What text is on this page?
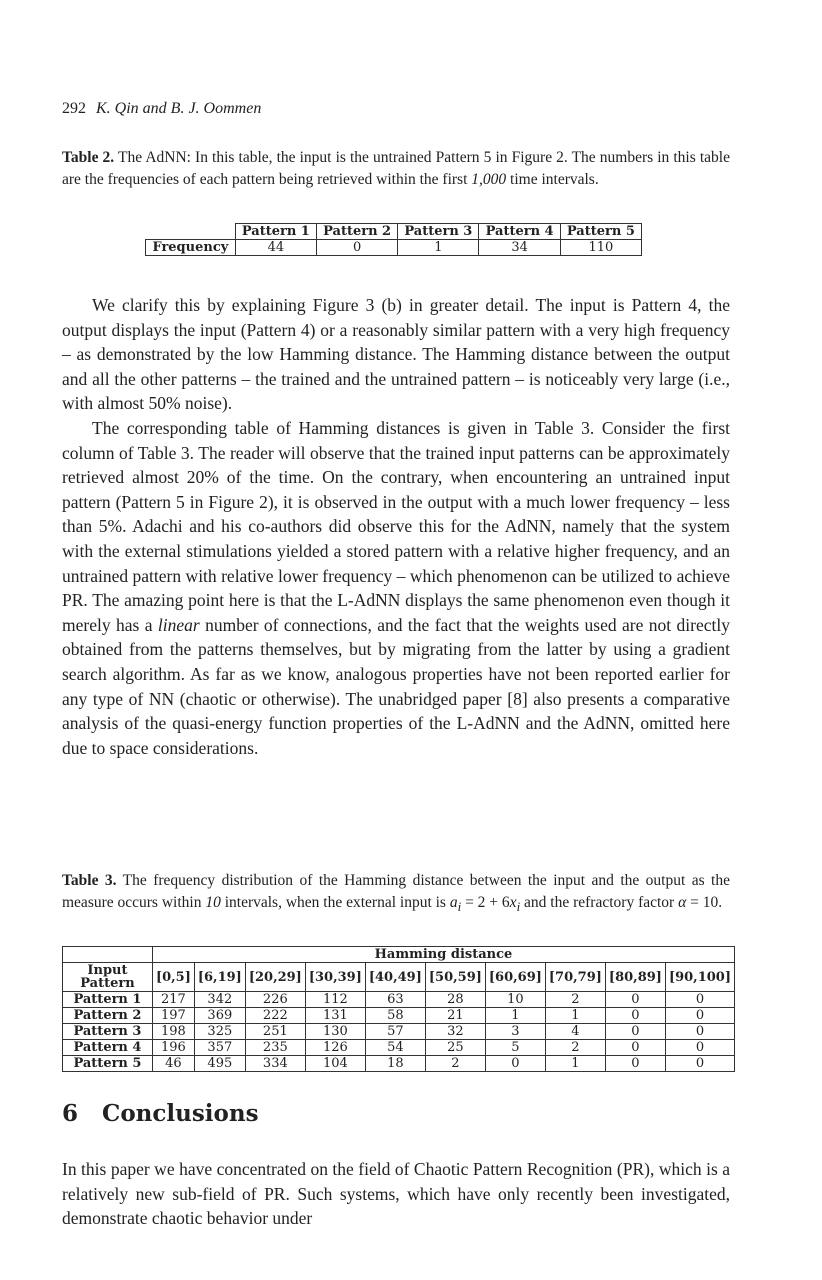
292 K. Qin and B. J. Oommen
Table 2. The AdNN: In this table, the input is the untrained Pattern 5 in Figure 2. The numbers in this table are the frequencies of each pattern being retrieved within the first 1,000 time intervals.
	Pattern 1	Pattern 2	Pattern 3	Pattern 4	Pattern 5
Frequency	44	0	1	34	110

We clarify this by explaining Figure 3 (b) in greater detail. The input is Pattern 4, the output displays the input (Pattern 4) or a reasonably similar pattern with a very high frequency – as demonstrated by the low Hamming distance. The Hamming distance between the output and all the other patterns – the trained and the untrained pattern – is noticeably very large (i.e., with almost 50% noise).

The corresponding table of Hamming distances is given in Table 3. Consider the first column of Table 3. The reader will observe that the trained input patterns can be approximately retrieved almost 20% of the time. On the contrary, when encountering an untrained input pattern (Pattern 5 in Figure 2), it is observed in the output with a much lower frequency – less than 5%. Adachi and his co-authors did observe this for the AdNN, namely that the system with the external stimulations yielded a stored pattern with a relative higher frequency, and an untrained pattern with relative lower frequency – which phenomenon can be utilized to achieve PR. The amazing point here is that the L-AdNN displays the same phenomenon even though it merely has a linear number of connections, and the fact that the weights used are not directly obtained from the patterns themselves, but by migrating from the latter by using a gradient search algorithm. As far as we know, analogous properties have not been reported earlier for any type of NN (chaotic or otherwise). The unabridged paper [8] also presents a comparative analysis of the quasi-energy function properties of the L-AdNN and the AdNN, omitted here due to space considerations.

Table 3. The frequency distribution of the Hamming distance between the input and the output as the measure occurs within 10 intervals, when the external input is $a_i = 2 + 6x_i$ and the refractory factor α = 10.
	Hamming distance									
Input Pattern	[0,5]	[6,19]	[20,29]	[30,39]	[40,49]	[50,59]	[60,69]	[70,79]	[80,89]	[90,100]
Pattern 1	217	342	226	112	63	28	10	2	0	0
Pattern 2	197	369	222	131	58	21	1	1	0	0
Pattern 3	198	325	251	130	57	32	3	4	0	0
Pattern 4	196	357	235	126	54	25	5	2	0	0
Pattern 5	46	495	334	104	18	2	0	1	0	0
6 Conclusions

In this paper we have concentrated on the field of Chaotic Pattern Recognition (PR), which is a relatively new sub-field of PR. Such systems, which have only recently been investigated, demonstrate chaotic behavior under
